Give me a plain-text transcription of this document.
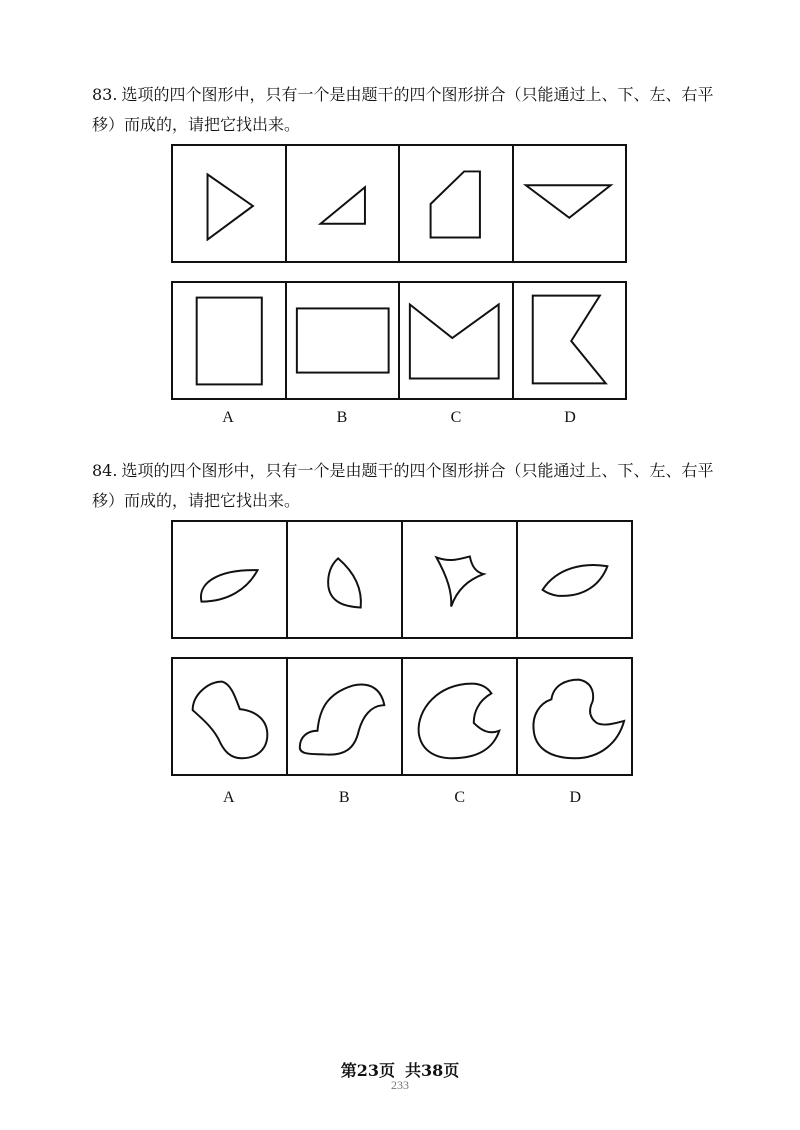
83. 选项的四个图形中，只有一个是由题干的四个图形拼合（只能通过上、下、左、右平移）而成的，请把它找出来。

A	B	C	D

84. 选项的四个图形中，只有一个是由题干的四个图形拼合（只能通过上、下、左、右平移）而成的，请把它找出来。

A	B	C	D
第23页 共38页
233
